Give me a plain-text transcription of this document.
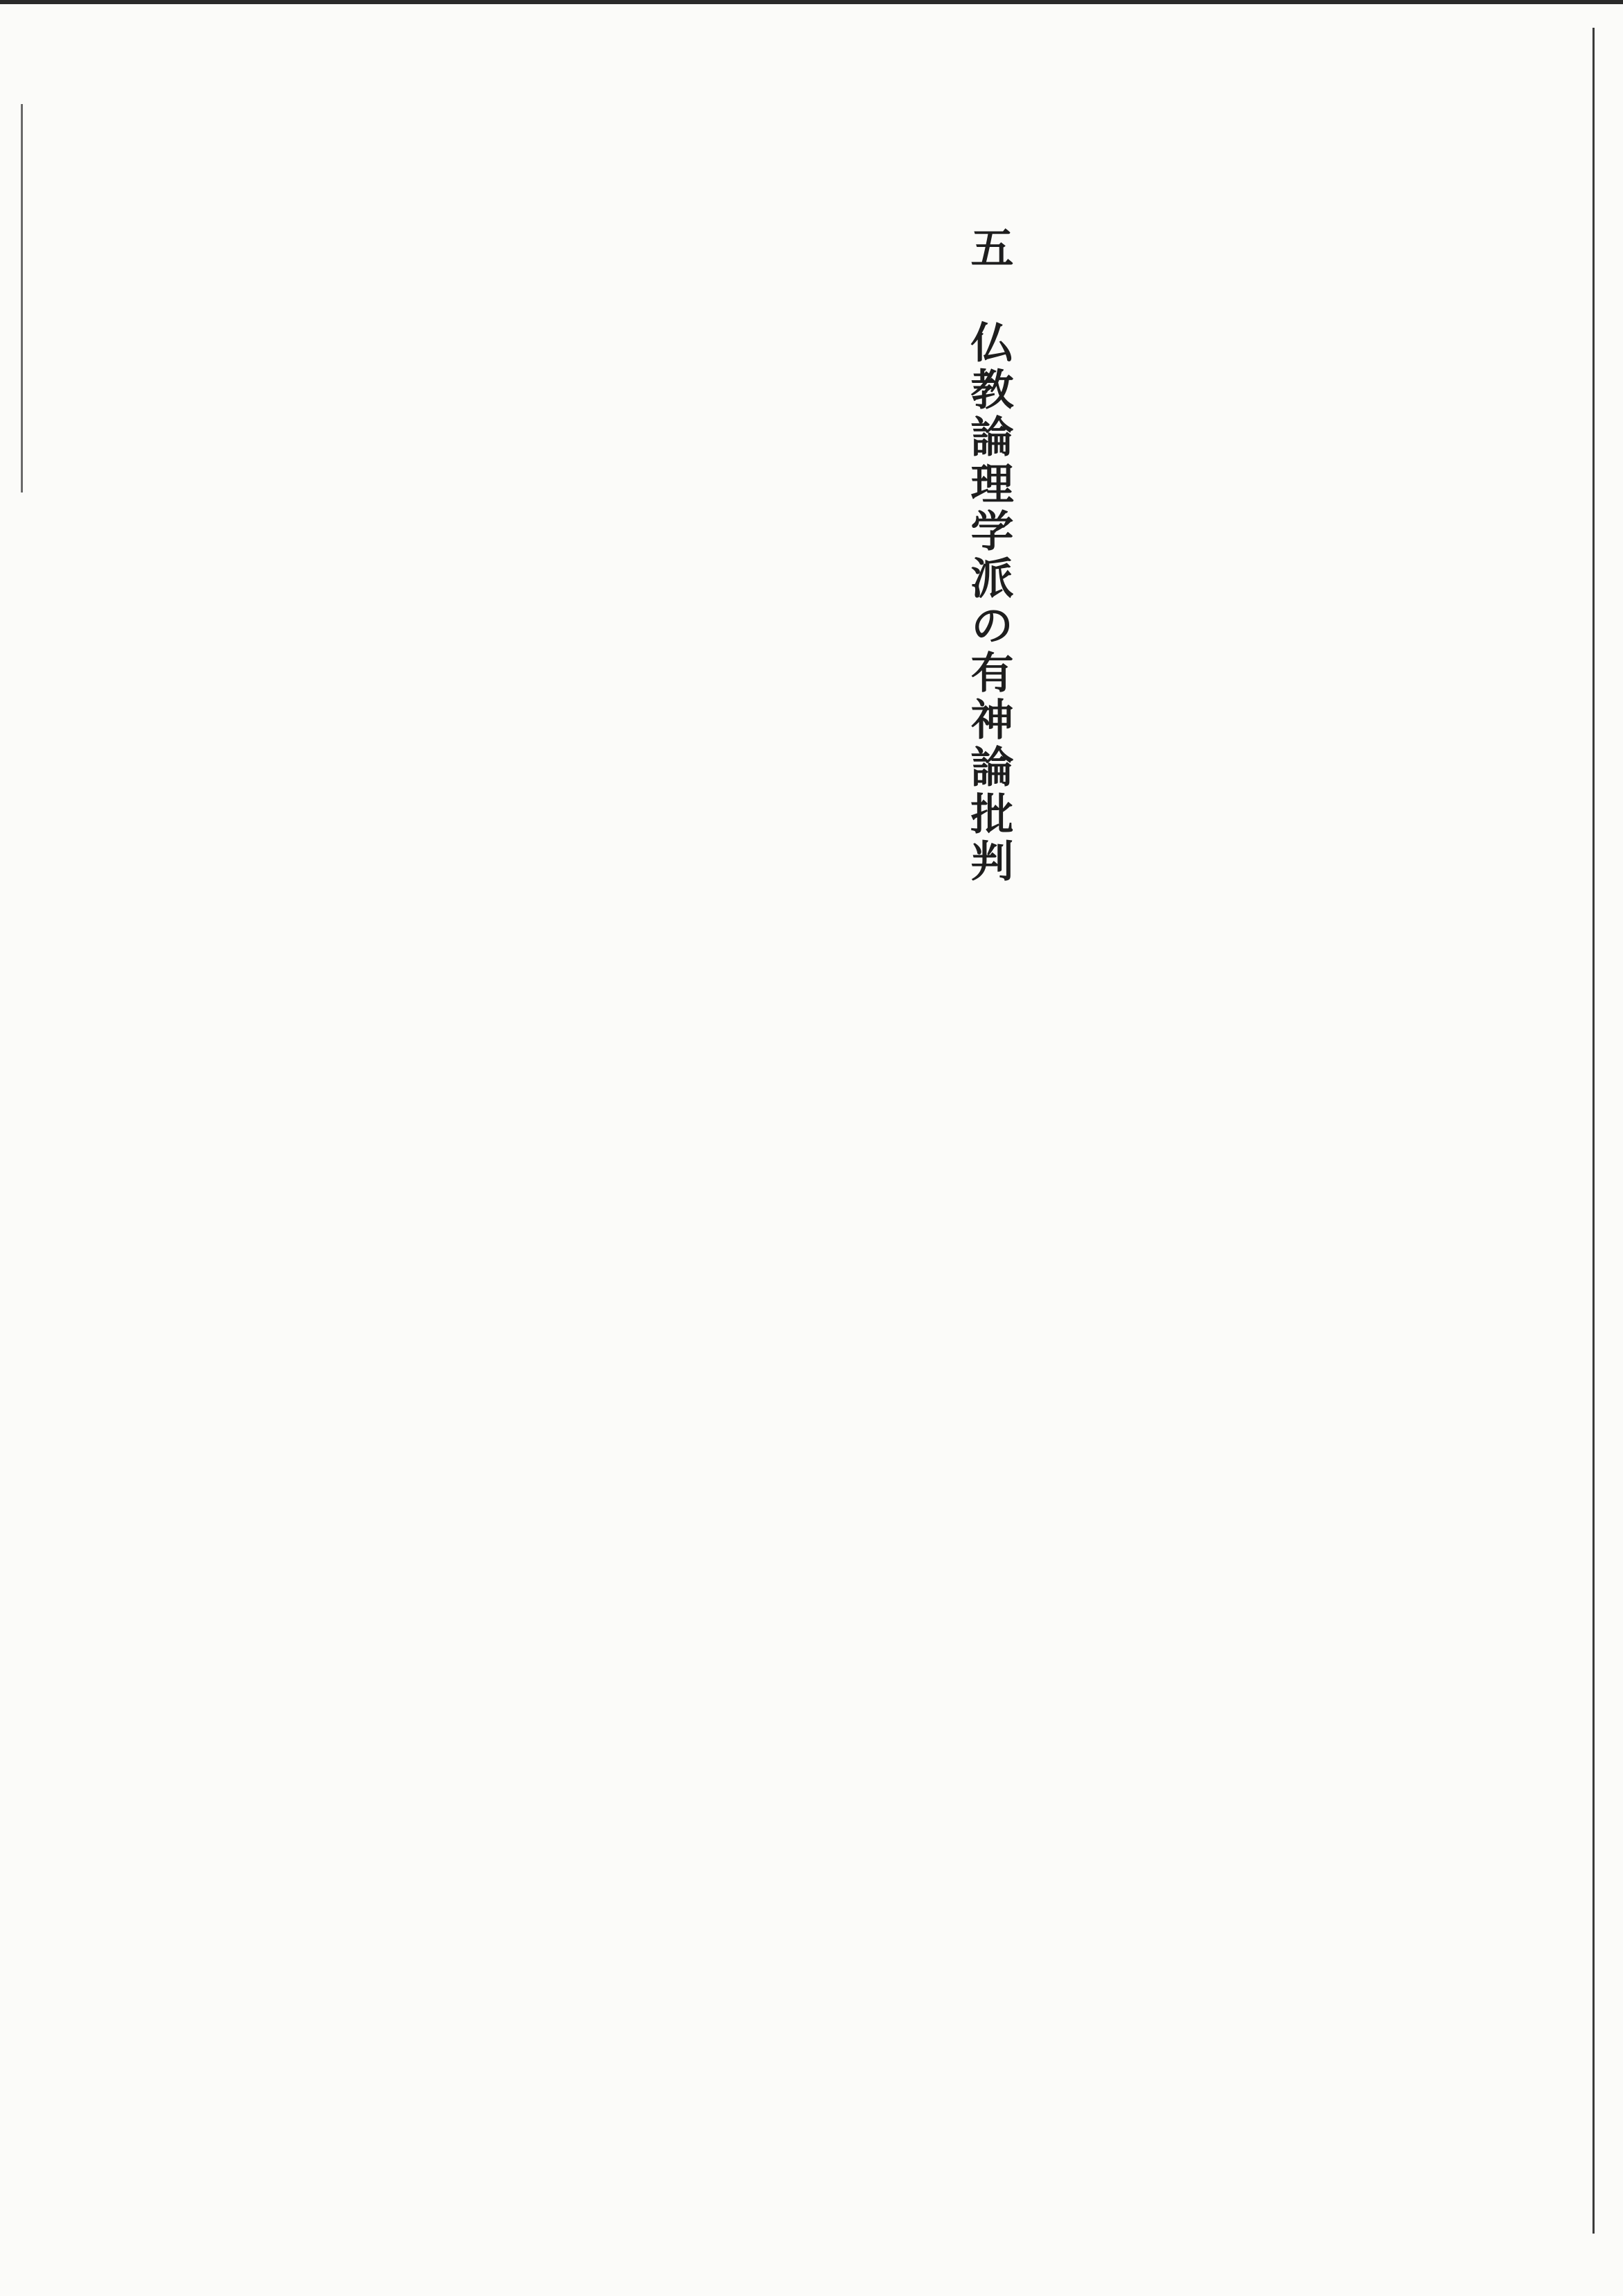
五　仏教論理学派の有神論批判
